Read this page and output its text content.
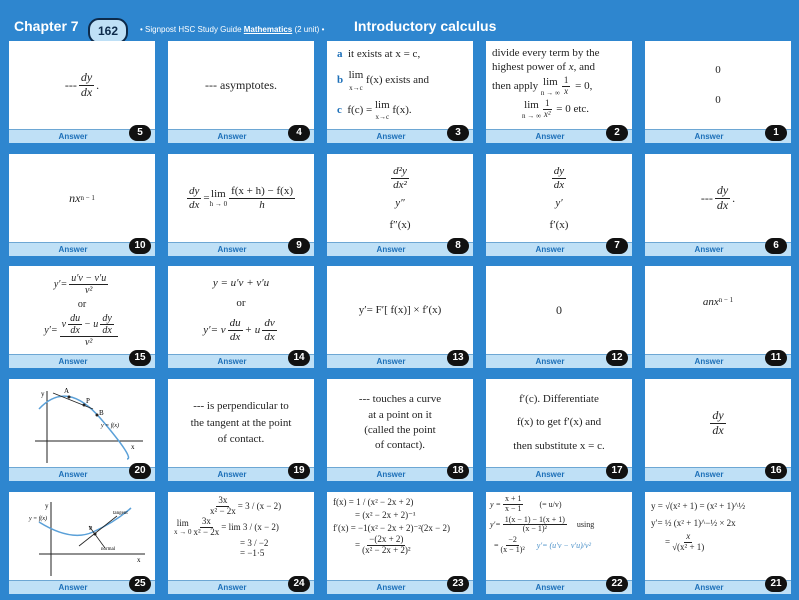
Chapter 7	162	• Signpost HSC Study Guide Mathematics (2 unit) • Introductory calculus
--- $\frac{dy}{dx}$ .
Answer	5
--- asymptotes.
Answer	4
a it exists at x = c,
b lim
x→c
f(x) exists and
c f(c) = lim
x→c
f(x).
Answer	3
divide every term by the
highest power of x, and
then apply lim
n → ∞ $\frac{1}{x} = 0$,
lim
n → ∞ $\frac{1}{\text{x²}} = 0$ etc.
Answer	2
0
0
Answer	1
nx n − 1
Answer	10
$\frac{dy}{dx} = \lim$
$h \to 0 \frac{f(x + h) - f(x)}{h}$
Answer	9
$\frac{\text{d²y}}{\text{dx²}}$
y″
f″(x)
Answer	8
$\frac{dy}{dx}$
y′
f′(x)
Answer	7
--- $\frac{dy}{dx}$ .
Answer	6
$y'= \frac{u'v - v'u}{\text{v²}}$
or
$y'= \frac{v \frac{du}{dx} - u \frac{dy}{dx}}{\text{v²}}$
Answer	15
y = u′v + v′u
or
y′= v $\frac{du}{dx} + u \frac{dv}{dx}$
Answer	14
y′= F′[ f(x)] × f′(x)
Answer	13
0
Answer	12
anx n − 1
Answer	11
y
x
A
P
B
y = f(x)
Answer	20
--- is perpendicular to
the tangent at the point
of contact.
Answer	19
--- touches a curve
at a point on it
(called the point
of contact).
Answer	18
f′(c). Differentiate
f(x) to get f′(x) and
then substitute x = c.
Answer	17
$\frac{dy}{dx}$
Answer	16
y
x
y = f(x)
P
tangent
normal
Answer	25
$\frac{3x}{\text{x² − 2x}} = 3 / (x - 2)$
lim
$x \to 0 \frac{3x}{\text{x² − 2x}} = \lim 3 / (x - 2)$
= 3 / −2
= −1·5
Answer	24
f(x) = 1 / (x² − 2x + 2)
= (x² − 2x + 2)⁻¹
f′(x) = −1(x² − 2x + 2)⁻²(2x − 2)
= $\frac{-(2x + 2)}{\text{(x² − 2x + 2)²}}$
Answer	23
$y = \frac{x + 1}{x - 1}$ (= u/v)
$y'= \frac{1(x - 1) - 1(x + 1)}{\text{(x − 1)²}}$ using
= $\frac{-2}{\text{(x − 1)²}} y'= (u'v - v'u)/v^2$
Answer	22
y = √(x² + 1) = (x² + 1)^½
y′= ½ (x² + 1)^−½ × 2x
= $\frac{x}{\text{√(x² + 1)}}$
Answer	21
